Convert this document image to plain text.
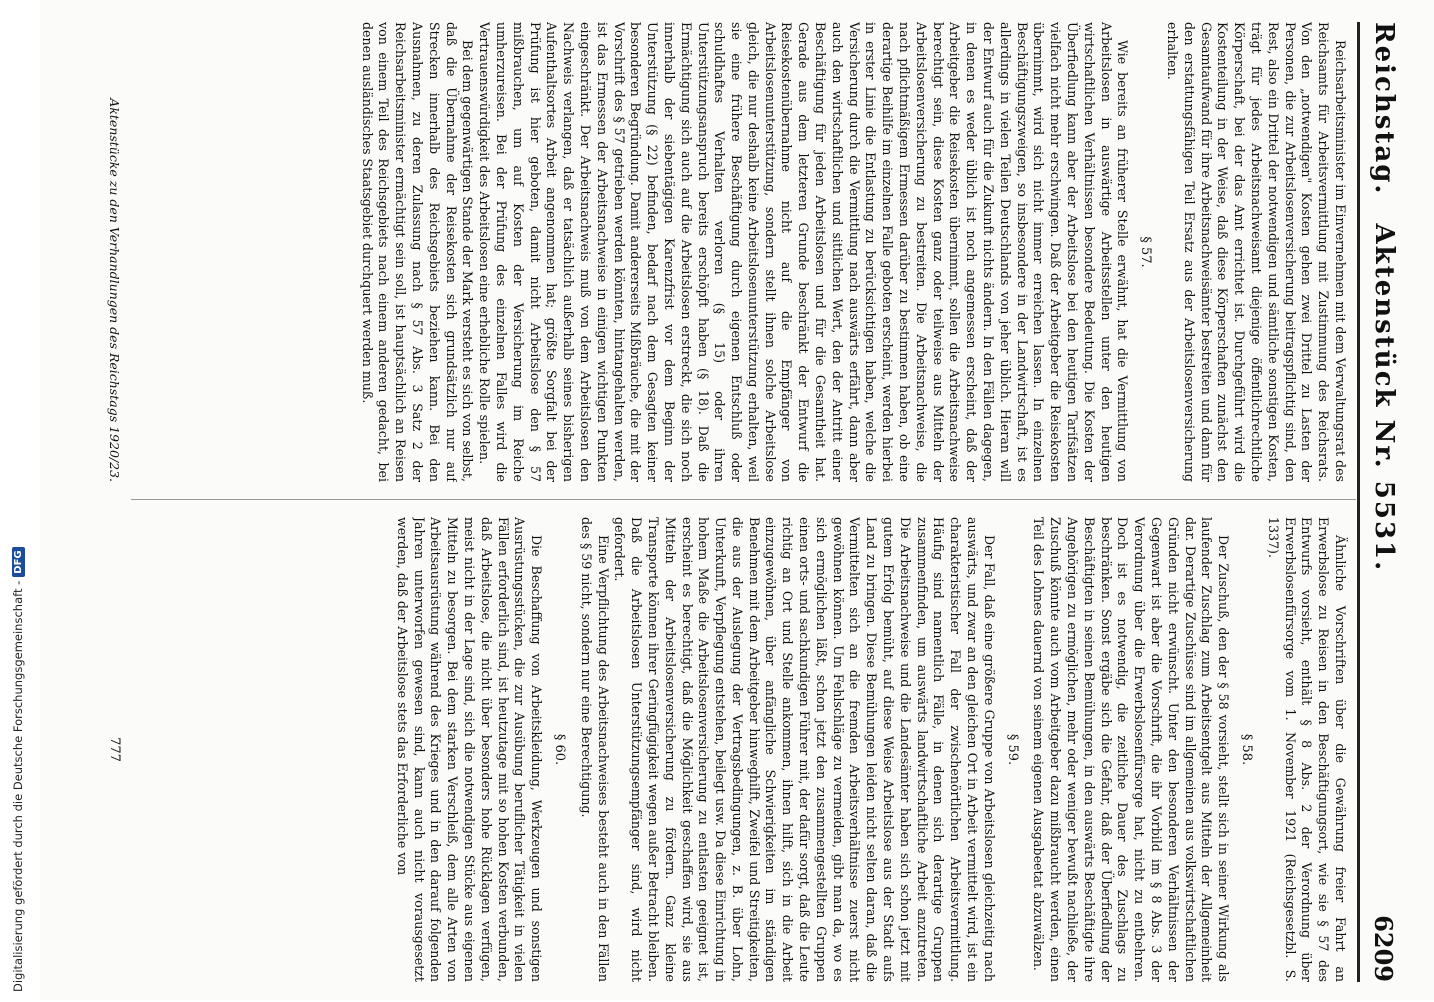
Digitalisierung gefördert durch die Deutsche Forschungsgemeinschaft -
DFG
Reichstag.
Aktenstück Nr. 5531.
6209

Reichsarbeitsminister im Einvernehmen mit dem Verwaltungsrat des Reichsamts für Arbeitsvermittlung mit Zustimmung des Reichsrats. Von den „notwendigen" Kosten gehen zwei Drittel zu Lasten der Personen, die zur Arbeitslosenversicherung beitragspflichtig sind, den Rest, also ein Drittel der notwendigen und sämtliche sonstigen Kosten, trägt für jedes Arbeitsnachweisamt diejenige öffentlichrechtliche Körperschaft, bei der das Amt errichtet ist. Durchgeführt wird die Kostenteilung in der Weise, daß diese Körperschaften zunächst den Gesamtaufwand für ihre Arbeitsnachweisämter bestreiten und dann für den erstattungsfähigen Teil Ersatz aus der Arbeitslosenversicherung erhalten.

§ 57.

Wie bereits an früherer Stelle erwähnt, hat die Vermittlung von Arbeitslosen in auswärtige Arbeitsstellen unter den heutigen wirtschaftlichen Verhältnissen besondere Bedeutung. Die Kosten der Überfiedlung kann aber der Arbeitslose bei den heutigen Tarifsätzen vielfach nicht mehr erschwingen. Daß der Arbeitgeber die Reisekosten übernimmt, wird sich nicht immer erreichen lassen. In einzelnen Beschäftigungszweigen, so insbesondere in der Landwirtschaft, ist es allerdings in vielen Teilen Deutschlands von jeher üblich. Hieran will der Entwurf auch für die Zukunft nichts ändern. In den Fällen dagegen, in denen es weder üblich ist noch angemessen erscheint, daß der Arbeitgeber die Reisekosten übernimmt, sollen die Arbeitsnachweise berechtigt sein, diese Kosten ganz oder teilweise aus Mitteln der Arbeitslosenversicherung zu bestreiten. Die Arbeitsnachweise, die nach pflichtmäßigem Ermessen darüber zu bestimmen haben, ob eine derartige Beihilfe im einzelnen Falle geboten erscheint, werden hierbei in erster Linie die Entlastung zu berücksichtigen haben, welche die Versicherung durch die Vermittlung nach auswärts erfährt, dann aber auch den wirtschaftlichen und sittlichen Wert, den der Antritt einer Beschäftigung für jeden Arbeitslosen und für die Gesamtheit hat. Gerade aus dem letzteren Grunde beschränkt der Entwurf die Reisekostenübernahme nicht auf die Empfänger von Arbeitslosenunterstützung, sondern stellt ihnen solche Arbeitslose gleich, die nur deshalb keine Arbeitslosenunterstützung erhalten, weil sie eine frühere Beschäftigung durch eigenen Entschluß oder schuldhaftes Verhalten verloren (§ 15) oder ihren Unterstützungsanspruch bereits erschöpft haben (§ 18). Daß die Ermächtigung sich auch auf die Arbeitslosen erstreckt, die sich noch innerhalb der siebentägigen Karenzfrist vor dem Beginn der Unterstützung (§ 22) befinden, bedarf nach dem Gesagten keiner besonderen Begründung. Damit andererseits Mißbräuche, die mit der Vorschrift des § 57 getrieben werden könnten, hintangehalten werden, ist das Ermessen der Arbeitsnachweise in einigen wichtigen Punkten eingeschränkt. Der Arbeitsnachweis muß von dem Arbeitslosen den Nachweis verlangen, daß er tatsächlich außerhalb seines bisherigen Aufenthaltsortes Arbeit angenommen hat; größte Sorgfalt bei der Prüfung ist hier geboten, damit nicht Arbeitslose den § 57 mißbrauchen, um auf Kosten der Versicherung im Reiche umherzureisen. Bei der Prüfung des einzelnen Falles wird die Vertrauenswürdigkeit des Arbeitslosen eine erhebliche Rolle spielen.

Bei dem gegenwärtigen Stande der Mark versteht es sich von selbst, daß die Übernahme der Reisekosten sich grundsätzlich nur auf Strecken innerhalb des Reichsgebiets beziehen kann. Bei den Ausnahmen, zu deren Zulassung nach § 57 Abs. 3 Satz 2 der Reichsarbeitsminister ermächtigt sein soll, ist hauptsächlich an Reisen von einem Teil des Reichsgebiets nach einem anderen gedacht, bei denen ausländisches Staatsgebiet durchquert werden muß.

Ähnliche Vorschriften über die Gewährung freier Fahrt an Erwerbslose zu Reisen in den Beschäftigungsort, wie sie § 57 des Entwurfs vorsieht, enthält § 8 Abs. 2 der Verordnung über Erwerbslosenfürsorge vom 1. November 1921 (Reichsgesetzbl. S. 1337).

§ 58.

Der Zuschuß, den der § 58 vorsieht, stellt sich in seiner Wirkung als laufender Zuschlag zum Arbeitsentgelt aus Mitteln der Allgemeinheit dar. Derartige Zuschüsse sind im allgemeinen aus volkswirtschaftlichen Gründen nicht erwünscht. Unter den besonderen Verhältnissen der Gegenwart ist aber die Vorschrift, die ihr Vorbild im § 8 Abs. 3 der Verordnung über die Erwerbslosenfürsorge hat, nicht zu entbehren. Doch ist es notwendig, die zeitliche Dauer des Zuschlags zu beschränken. Sonst ergäbe sich die Gefahr, daß der Überfiedlung der Beschäftigten in seinen Bemühungen, in den auswärts Beschäftigte ihre Angehörigen zu ermöglichen, mehr oder weniger bewußt nachließe, der Zuschuß könnte auch vom Arbeitgeber dazu mißbraucht werden, einen Teil des Lohnes dauernd von seinem eigenen Ausgabeetat abzuwälzen.

§ 59.

Der Fall, daß eine größere Gruppe von Arbeitslosen gleichzeitig nach auswärts, und zwar an den gleichen Ort in Arbeit vermittelt wird, ist ein charakteristischer Fall der zwischenörtlichen Arbeitsvermittlung. Häufig sind namentlich Fälle, in denen sich derartige Gruppen zusammenfinden, um auswärts landwirtschaftliche Arbeit anzutreten. Die Arbeitsnachweise und die Landesämter haben sich schon jetzt mit gutem Erfolg bemüht, auf diese Weise Arbeitslose aus der Stadt aufs Land zu bringen. Diese Bemühungen leiden nicht selten daran, daß die Vermittelten sich an die fremden Arbeitsverhältnisse zuerst nicht gewöhnen können. Um Fehlschläge zu vermeiden, gibt man da, wo es sich ermöglichen läßt, schon jetzt den zusammengestellten Gruppen einen orts- und sachkundigen Führer mit, der dafür sorgt, daß die Leute richtig an Ort und Stelle ankommen, ihnen hilft, sich in die Arbeit einzugewöhnen, über anfängliche Schwierigkeiten im ständigen Benehmen mit dem Arbeitgeber hinweghilft, Zweifel und Streitigkeiten, die aus der Auslegung der Vertragsbedingungen, z. B. über Lohn, Unterkunft, Verpflegung entstehen, beilegt usw. Da diese Einrichtung in hohem Maße die Arbeitslosenversicherung zu entlasten geeignet ist, erscheint es berechtigt, daß die Möglichkeit geschaffen wird, sie aus Mitteln der Arbeitslosenversicherung zu fördern. Ganz kleine Transporte können ihrer Geringfügigkeit wegen außer Betracht bleiben. Daß die Arbeitslosen Unterstützungsempfänger sind, wird nicht gefordert.

Eine Verpflichtung des Arbeitsnachweises besteht auch in den Fällen des § 59 nicht, sondern nur eine Berechtigung.

§ 60.

Die Beschaffung von Arbeitskleidung, Werkzeugen und sonstigen Ausrüstungsstücken, die zur Ausübung beruflicher Tätigkeit in vielen Fällen erforderlich sind, ist heutzutage mit so hohen Kosten verbunden, daß Arbeitslose, die nicht über besonders hohe Rücklagen verfügen, meist nicht in der Lage sind, sich die notwendigen Stücke aus eigenen Mitteln zu besorgen. Bei dem starken Verschleiß, dem alle Arten von Arbeitsausrüstung während des Krieges und in den darauf folgenden Jahren unterworfen gewesen sind, kann auch nicht vorausgesetzt werden, daß der Arbeitslose stets das Erforderliche von

Aktenstücke zu den Verhandlungen des Reichstags 1920/23.
777
